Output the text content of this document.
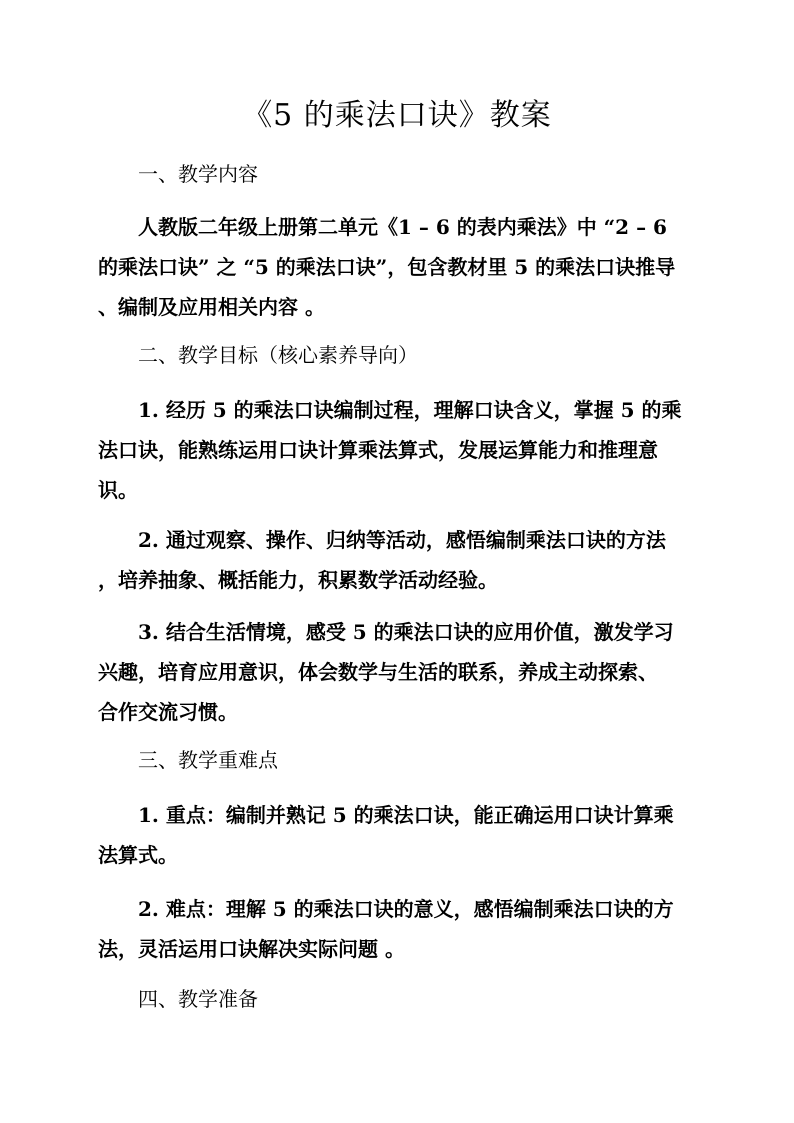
《5 的乘法口诀》教案
一、教学内容
人教版二年级上册第二单元《1 – 6 的表内乘法》中 “2 – 6
的乘法口诀” 之 “5 的乘法口诀”，包含教材里 5 的乘法口诀推导
、编制及应用相关内容 。
二、教学目标（核心素养导向）
1. 经历 5 的乘法口诀编制过程，理解口诀含义，掌握 5 的乘
法口诀，能熟练运用口诀计算乘法算式，发展运算能力和推理意
识。
2. 通过观察、操作、归纳等活动，感悟编制乘法口诀的方法
，培养抽象、概括能力，积累数学活动经验。
3. 结合生活情境，感受 5 的乘法口诀的应用价值，激发学习
兴趣，培育应用意识，体会数学与生活的联系，养成主动探索、
合作交流习惯。
三、教学重难点
1. 重点：编制并熟记 5 的乘法口诀，能正确运用口诀计算乘
法算式。
2. 难点：理解 5 的乘法口诀的意义，感悟编制乘法口诀的方
法，灵活运用口诀解决实际问题 。
四、教学准备
